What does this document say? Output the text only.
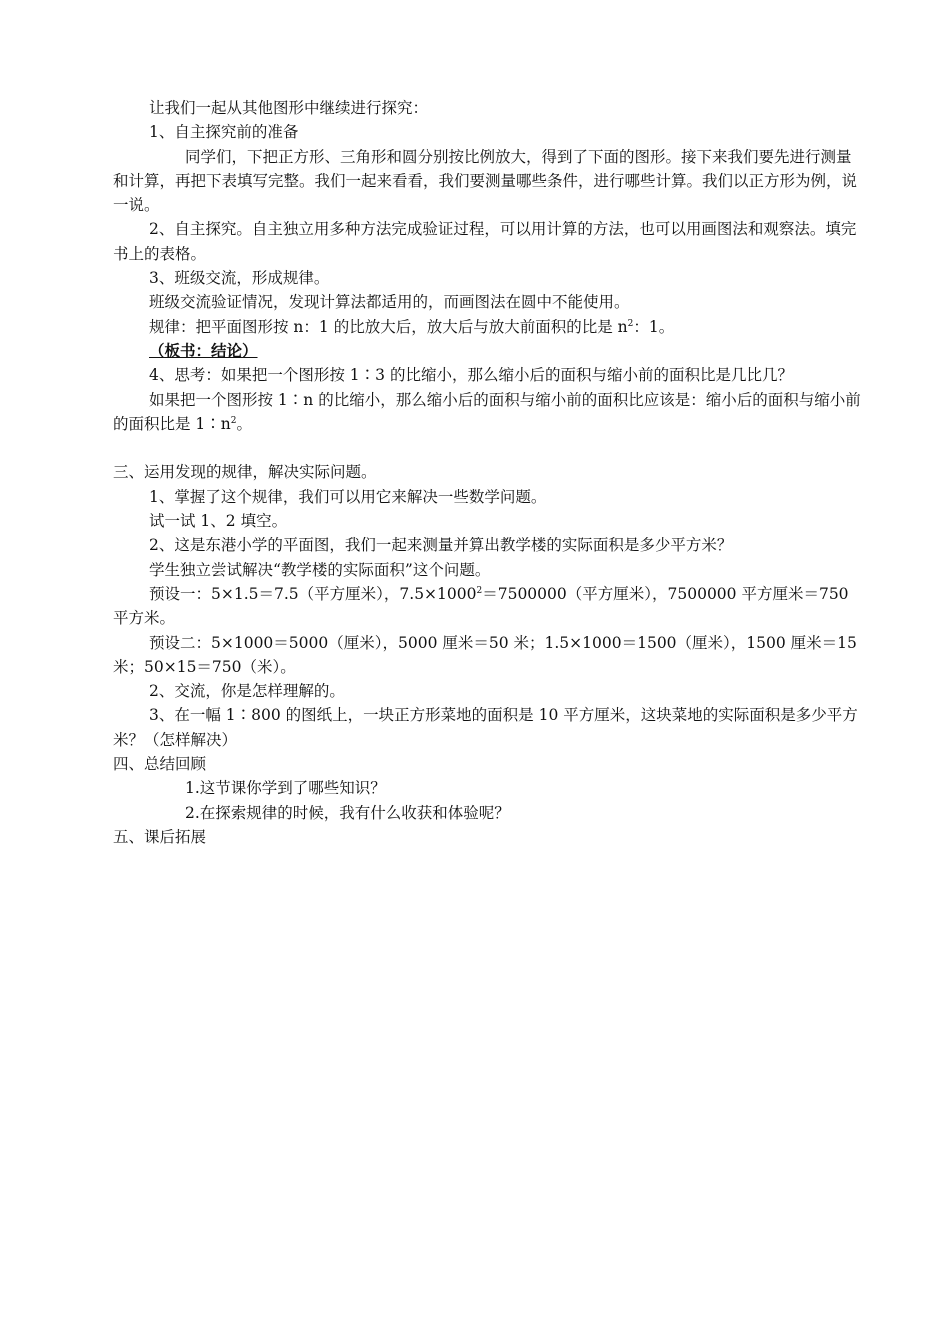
让我们一起从其他图形中继续进行探究：

1、自主探究前的准备

同学们，下把正方形、三角形和圆分别按比例放大，得到了下面的图形。接下来我们要先进行测量和计算，再把下表填写完整。我们一起来看看，我们要测量哪些条件，进行哪些计算。我们以正方形为例，说一说。

2、自主探究。自主独立用多种方法完成验证过程，可以用计算的方法，也可以用画图法和观察法。填完书上的表格。

3、班级交流，形成规律。

班级交流验证情况，发现计算法都适用的，而画图法在圆中不能使用。

规律：把平面图形按 n：1 的比放大后，放大后与放大前面积的比是 $n^2$：1。

（板书：结论）

4、思考：如果把一个图形按 1∶3 的比缩小，那么缩小后的面积与缩小前的面积比是几比几？

如果把一个图形按 1∶n 的比缩小，那么缩小后的面积与缩小前的面积比应该是：缩小后的面积与缩小前的面积比是 $1∶n^2$。

三、运用发现的规律，解决实际问题。

1、掌握了这个规律，我们可以用它来解决一些数学问题。

试一试 1、2 填空。

2、这是东港小学的平面图，我们一起来测量并算出教学楼的实际面积是多少平方米？

学生独立尝试解决“教学楼的实际面积”这个问题。

预设一：5×1.5＝7.5（平方厘米），$7.5\times 1000^2=7500000$（平方厘米），7500000 平方厘米＝750 平方米。

预设二：5×1000＝5000（厘米），5000 厘米＝50 米；1.5×1000＝1500（厘米），1500 厘米＝15 米；50×15＝750（米）。

2、交流，你是怎样理解的。

3、在一幅 1∶800 的图纸上，一块正方形菜地的面积是 10 平方厘米，这块菜地的实际面积是多少平方米？（怎样解决）

四、总结回顾

1.这节课你学到了哪些知识？

2.在探索规律的时候，我有什么收获和体验呢？

五、课后拓展
